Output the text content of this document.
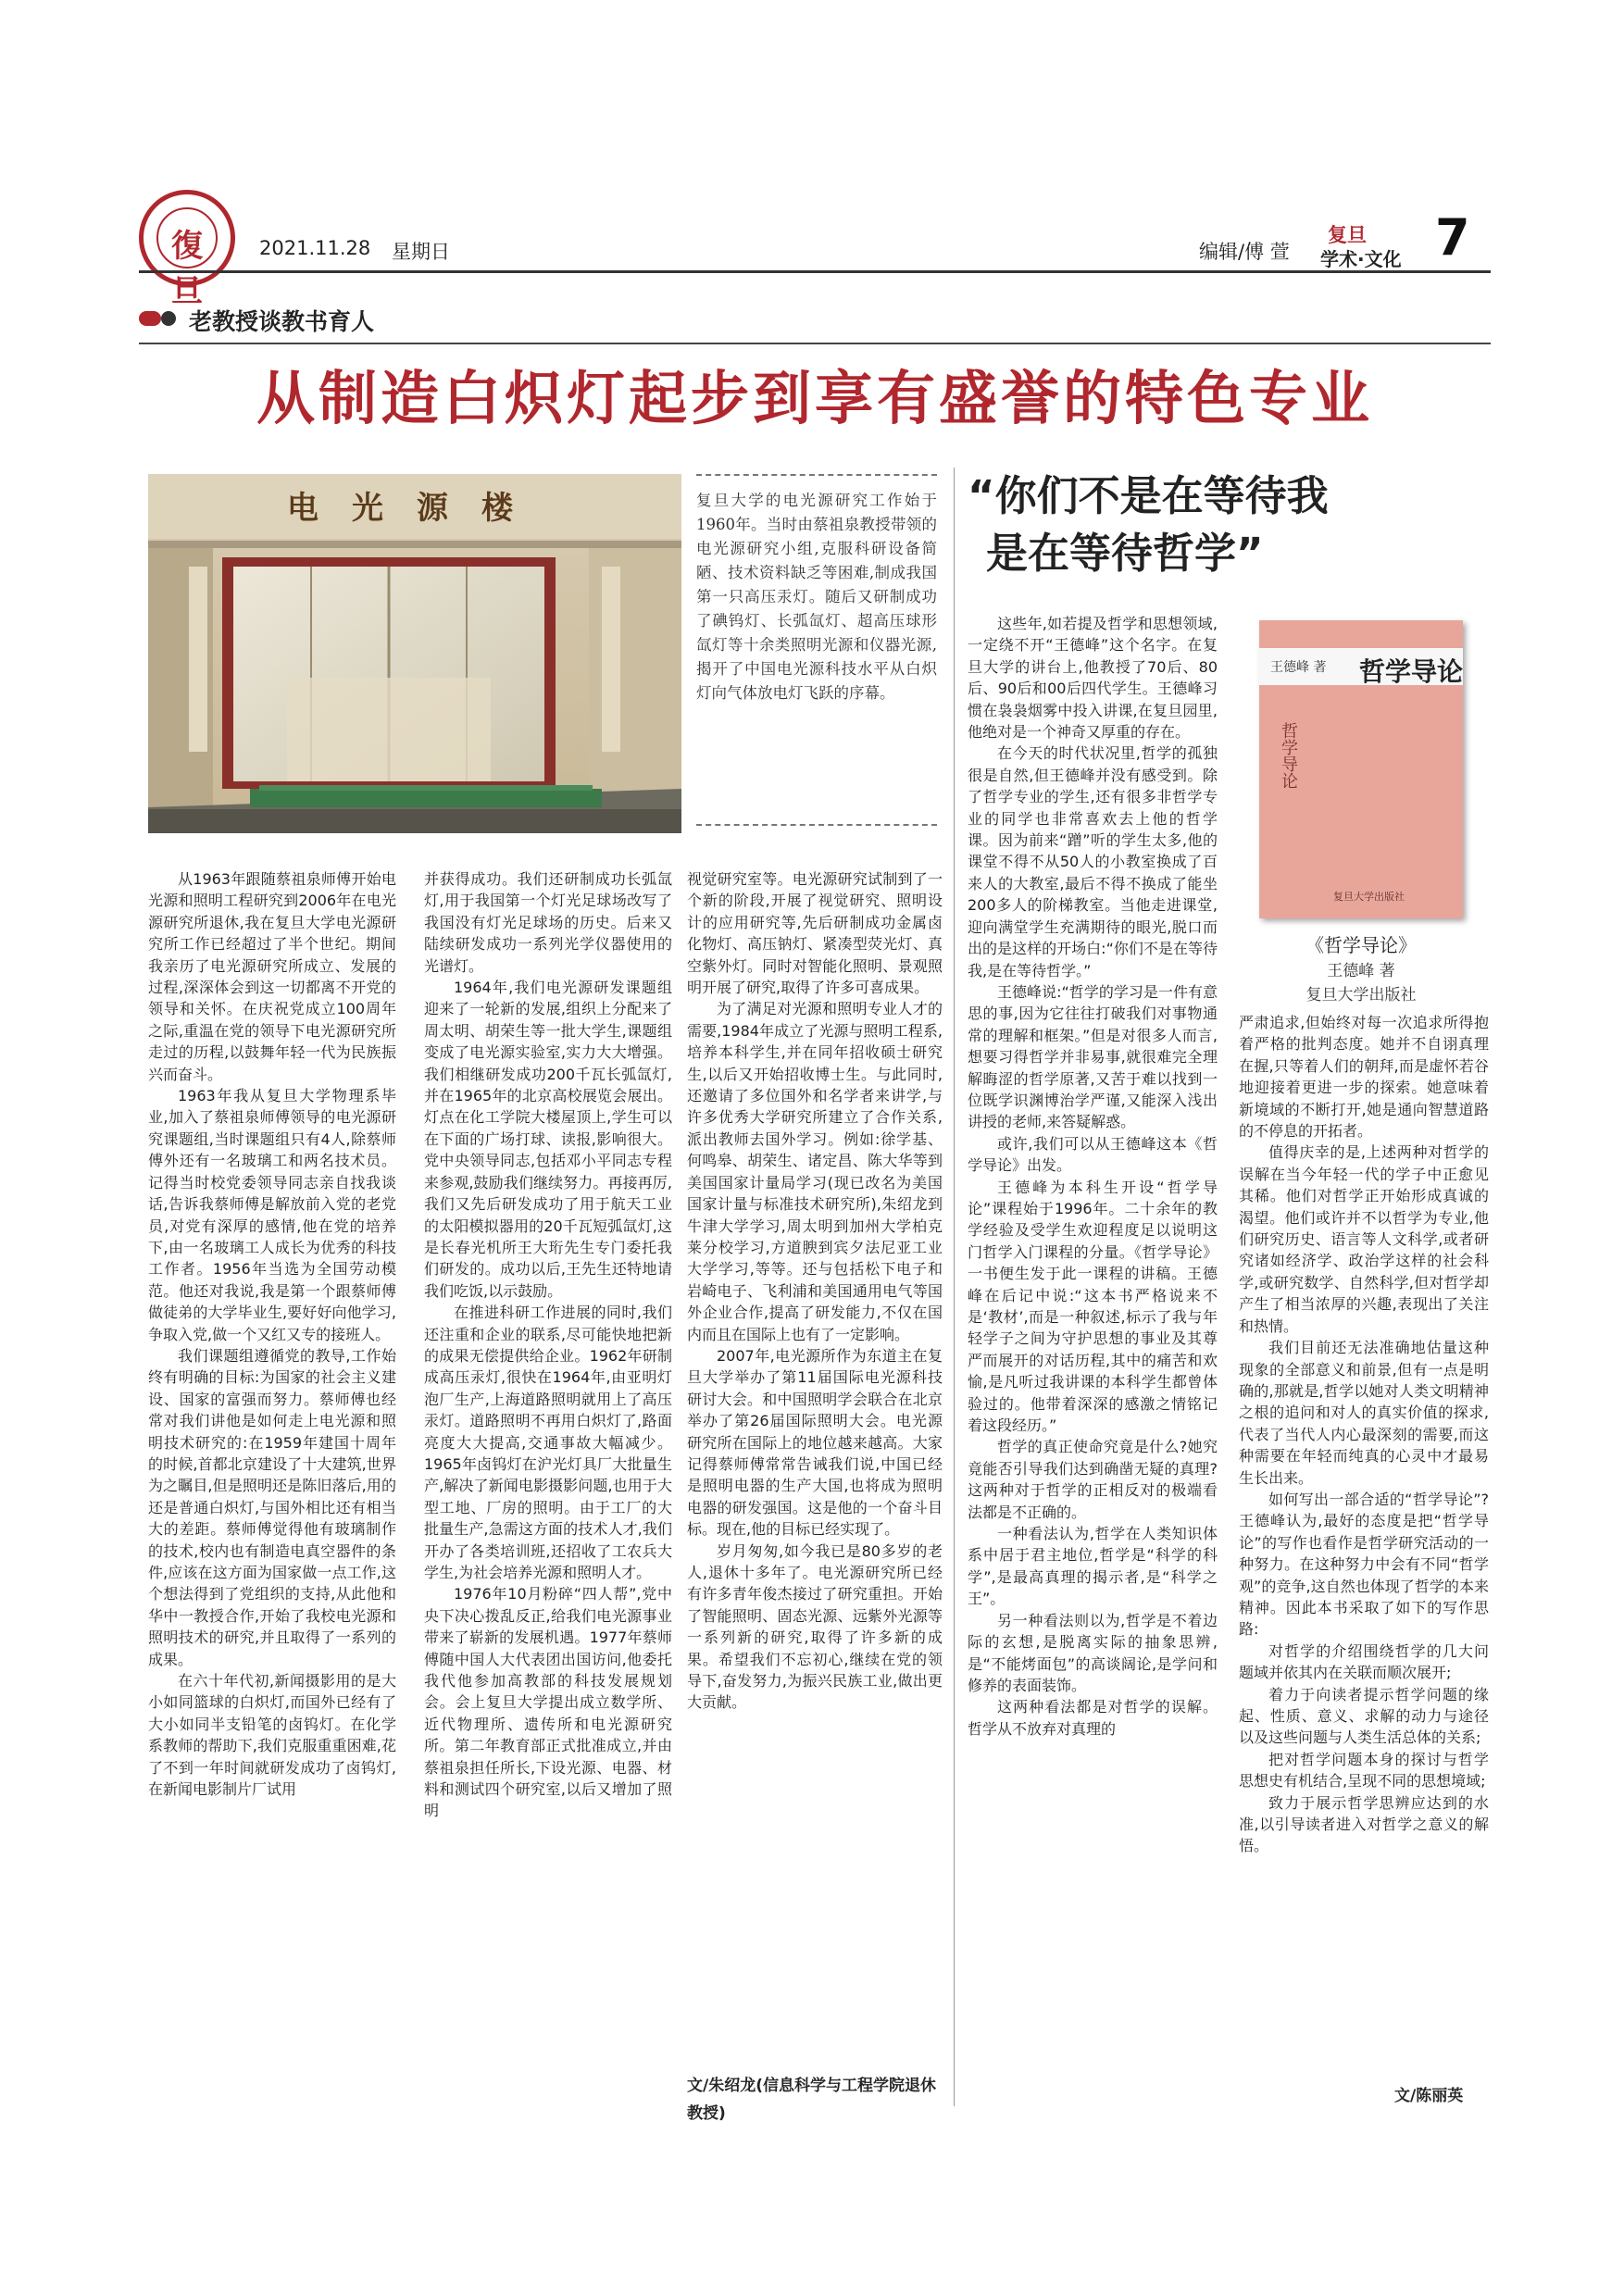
復旦
2021.11.28 星期日	编辑/傅 萱
复旦
学术·文化 7
老教授谈教书育人
从制造白炽灯起步到享有盛誉的特色专业
电光源楼	复旦大学的电光源研究工作始于1960年。当时由蔡祖泉教授带领的电光源研究小组,克服科研设备简陋、技术资料缺乏等困难,制成我国第一只高压汞灯。随后又研制成功了碘钨灯、长弧氙灯、超高压球形氙灯等十余类照明光源和仪器光源,揭开了中国电光源科技水平从白炽灯向气体放电灯飞跃的序幕。

从1963年跟随蔡祖泉师傅开始电光源和照明工程研究到2006年在电光源研究所退休,我在复旦大学电光源研究所工作已经超过了半个世纪。期间我亲历了电光源研究所成立、发展的过程,深深体会到这一切都离不开党的领导和关怀。在庆祝党成立100周年之际,重温在党的领导下电光源研究所走过的历程,以鼓舞年轻一代为民族振兴而奋斗。

1963年我从复旦大学物理系毕业,加入了蔡祖泉师傅领导的电光源研究课题组,当时课题组只有4人,除蔡师傅外还有一名玻璃工和两名技术员。记得当时校党委领导同志亲自找我谈话,告诉我蔡师傅是解放前入党的老党员,对党有深厚的感情,他在党的培养下,由一名玻璃工人成长为优秀的科技工作者。1956年当选为全国劳动模范。他还对我说,我是第一个跟蔡师傅做徒弟的大学毕业生,要好好向他学习,争取入党,做一个又红又专的接班人。

我们课题组遵循党的教导,工作始终有明确的目标:为国家的社会主义建设、国家的富强而努力。蔡师傅也经常对我们讲他是如何走上电光源和照明技术研究的:在1959年建国十周年的时候,首都北京建设了十大建筑,世界为之瞩目,但是照明还是陈旧落后,用的还是普通白炽灯,与国外相比还有相当大的差距。蔡师傅觉得他有玻璃制作的技术,校内也有制造电真空器件的条件,应该在这方面为国家做一点工作,这个想法得到了党组织的支持,从此他和华中一教授合作,开始了我校电光源和照明技术的研究,并且取得了一系列的成果。

在六十年代初,新闻摄影用的是大小如同篮球的白炽灯,而国外已经有了大小如同半支铅笔的卤钨灯。在化学系教师的帮助下,我们克服重重困难,花了不到一年时间就研发成功了卤钨灯,在新闻电影制片厂试用

并获得成功。我们还研制成功长弧氙灯,用于我国第一个灯光足球场改写了我国没有灯光足球场的历史。后来又陆续研发成功一系列光学仪器使用的光谱灯。

1964年,我们电光源研发课题组迎来了一轮新的发展,组织上分配来了周太明、胡荣生等一批大学生,课题组变成了电光源实验室,实力大大增强。我们相继研发成功200千瓦长弧氙灯,并在1965年的北京高校展览会展出。灯点在化工学院大楼屋顶上,学生可以在下面的广场打球、读报,影响很大。党中央领导同志,包括邓小平同志专程来参观,鼓励我们继续努力。再接再厉,我们又先后研发成功了用于航天工业的太阳模拟器用的20千瓦短弧氙灯,这是长春光机所王大珩先生专门委托我们研发的。成功以后,王先生还特地请我们吃饭,以示鼓励。

在推进科研工作进展的同时,我们还注重和企业的联系,尽可能快地把新的成果无偿提供给企业。1962年研制成高压汞灯,很快在1964年,由亚明灯泡厂生产,上海道路照明就用上了高压汞灯。道路照明不再用白炽灯了,路面亮度大大提高,交通事故大幅减少。1965年卤钨灯在沪光灯具厂大批量生产,解决了新闻电影摄影问题,也用于大型工地、厂房的照明。由于工厂的大批量生产,急需这方面的技术人才,我们开办了各类培训班,还招收了工农兵大学生,为社会培养光源和照明人才。

1976年10月粉碎“四人帮”,党中央下决心拨乱反正,给我们电光源事业带来了崭新的发展机遇。1977年蔡师傅随中国人大代表团出国访问,他委托我代他参加高教部的科技发展规划会。会上复旦大学提出成立数学所、近代物理所、遗传所和电光源研究所。第二年教育部正式批准成立,并由蔡祖泉担任所长,下设光源、电器、材料和测试四个研究室,以后又增加了照明

视觉研究室等。电光源研究试制到了一个新的阶段,开展了视觉研究、照明设计的应用研究等,先后研制成功金属卤化物灯、高压钠灯、紧凑型荧光灯、真空紫外灯。同时对智能化照明、景观照明开展了研究,取得了许多可喜成果。

为了满足对光源和照明专业人才的需要,1984年成立了光源与照明工程系,培养本科学生,并在同年招收硕士研究生,以后又开始招收博士生。与此同时,还邀请了多位国外和名学者来讲学,与许多优秀大学研究所建立了合作关系,派出教师去国外学习。例如:徐学基、何鸣皋、胡荣生、诸定昌、陈大华等到美国国家计量局学习(现已改名为美国国家计量与标准技术研究所),朱绍龙到牛津大学学习,周太明到加州大学柏克莱分校学习,方道腴到宾夕法尼亚工业大学学习,等等。还与包括松下电子和岩崎电子、飞利浦和美国通用电气等国外企业合作,提高了研发能力,不仅在国内而且在国际上也有了一定影响。

2007年,电光源所作为东道主在复旦大学举办了第11届国际电光源科技研讨大会。和中国照明学会联合在北京举办了第26届国际照明大会。电光源研究所在国际上的地位越来越高。大家记得蔡师傅常常告诫我们说,中国已经是照明电器的生产大国,也将成为照明电器的研发强国。这是他的一个奋斗目标。现在,他的目标已经实现了。

岁月匆匆,如今我已是80多岁的老人,退休十多年了。电光源研究所已经有许多青年俊杰接过了研究重担。开始了智能照明、固态光源、远紫外光源等一系列新的研究,取得了许多新的成果。希望我们不忘初心,继续在党的领导下,奋发努力,为振兴民族工业,做出更大贡献。

文/朱绍龙(信息科学与工程学院退休教授)
“你们不是在等待我
是在等待哲学”

这些年,如若提及哲学和思想领域,一定绕不开“王德峰”这个名字。在复旦大学的讲台上,他教授了70后、80后、90后和00后四代学生。王德峰习惯在袅袅烟雾中投入讲课,在复旦园里,他绝对是一个神奇又厚重的存在。

在今天的时代状况里,哲学的孤独很是自然,但王德峰并没有感受到。除了哲学专业的学生,还有很多非哲学专业的同学也非常喜欢去上他的哲学课。因为前来“蹭”听的学生太多,他的课堂不得不从50人的小教室换成了百来人的大教室,最后不得不换成了能坐200多人的阶梯教室。当他走进课堂,迎向满堂学生充满期待的眼光,脱口而出的是这样的开场白:“你们不是在等待我,是在等待哲学。”

王德峰说:“哲学的学习是一件有意思的事,因为它往往打破我们对事物通常的理解和框架。”但是对很多人而言,想要习得哲学并非易事,就很难完全理解晦涩的哲学原著,又苦于难以找到一位既学识渊博治学严谨,又能深入浅出讲授的老师,来答疑解惑。

或许,我们可以从王德峰这本《哲学导论》出发。

王德峰为本科生开设“哲学导论”课程始于1996年。二十余年的教学经验及受学生欢迎程度足以说明这门哲学入门课程的分量。《哲学导论》一书便生发于此一课程的讲稿。王德峰在后记中说:“这本书严格说来不是‘教材’,而是一种叙述,标示了我与年轻学子之间为守护思想的事业及其尊严而展开的对话历程,其中的痛苦和欢愉,是凡听过我讲课的本科学生都曾体验过的。他带着深深的感激之情铭记着这段经历。”

哲学的真正使命究竟是什么?她究竟能否引导我们达到确凿无疑的真理?这两种对于哲学的正相反对的极端看法都是不正确的。

一种看法认为,哲学在人类知识体系中居于君主地位,哲学是“科学的科学”,是最高真理的揭示者,是“科学之王”。

另一种看法则以为,哲学是不着边际的玄想,是脱离实际的抽象思辨,是“不能烤面包”的高谈阔论,是学问和修养的表面装饰。

这两种看法都是对哲学的误解。哲学从不放弃对真理的

王德峰 著 哲学导论
哲学导论
复旦大学出版社
《哲学导论》
王德峰 著
复旦大学出版社

严肃追求,但始终对每一次追求所得抱着严格的批判态度。她并不自诩真理在握,只等着人们的朝拜,而是虚怀若谷地迎接着更进一步的探索。她意味着新境域的不断打开,她是通向智慧道路的不停息的开拓者。

值得庆幸的是,上述两种对哲学的误解在当今年轻一代的学子中正愈见其稀。他们对哲学正开始形成真诚的渴望。他们或许并不以哲学为专业,他们研究历史、语言等人文科学,或者研究诸如经济学、政治学这样的社会科学,或研究数学、自然科学,但对哲学却产生了相当浓厚的兴趣,表现出了关注和热情。

我们目前还无法准确地估量这种现象的全部意义和前景,但有一点是明确的,那就是,哲学以她对人类文明精神之根的追问和对人的真实价值的探求,代表了当代人内心最深刻的需要,而这种需要在年轻而纯真的心灵中才最易生长出来。

如何写出一部合适的“哲学导论”?王德峰认为,最好的态度是把“哲学导论”的写作也看作是哲学研究活动的一种努力。在这种努力中会有不同“哲学观”的竞争,这自然也体现了哲学的本来精神。因此本书采取了如下的写作思路:

对哲学的介绍围绕哲学的几大问题域并依其内在关联而顺次展开;

着力于向读者提示哲学问题的缘起、性质、意义、求解的动力与途径以及这些问题与人类生活总体的关系;

把对哲学问题本身的探讨与哲学思想史有机结合,呈现不同的思想境域;

致力于展示哲学思辨应达到的水准,以引导读者进入对哲学之意义的解悟。

文/陈丽英
